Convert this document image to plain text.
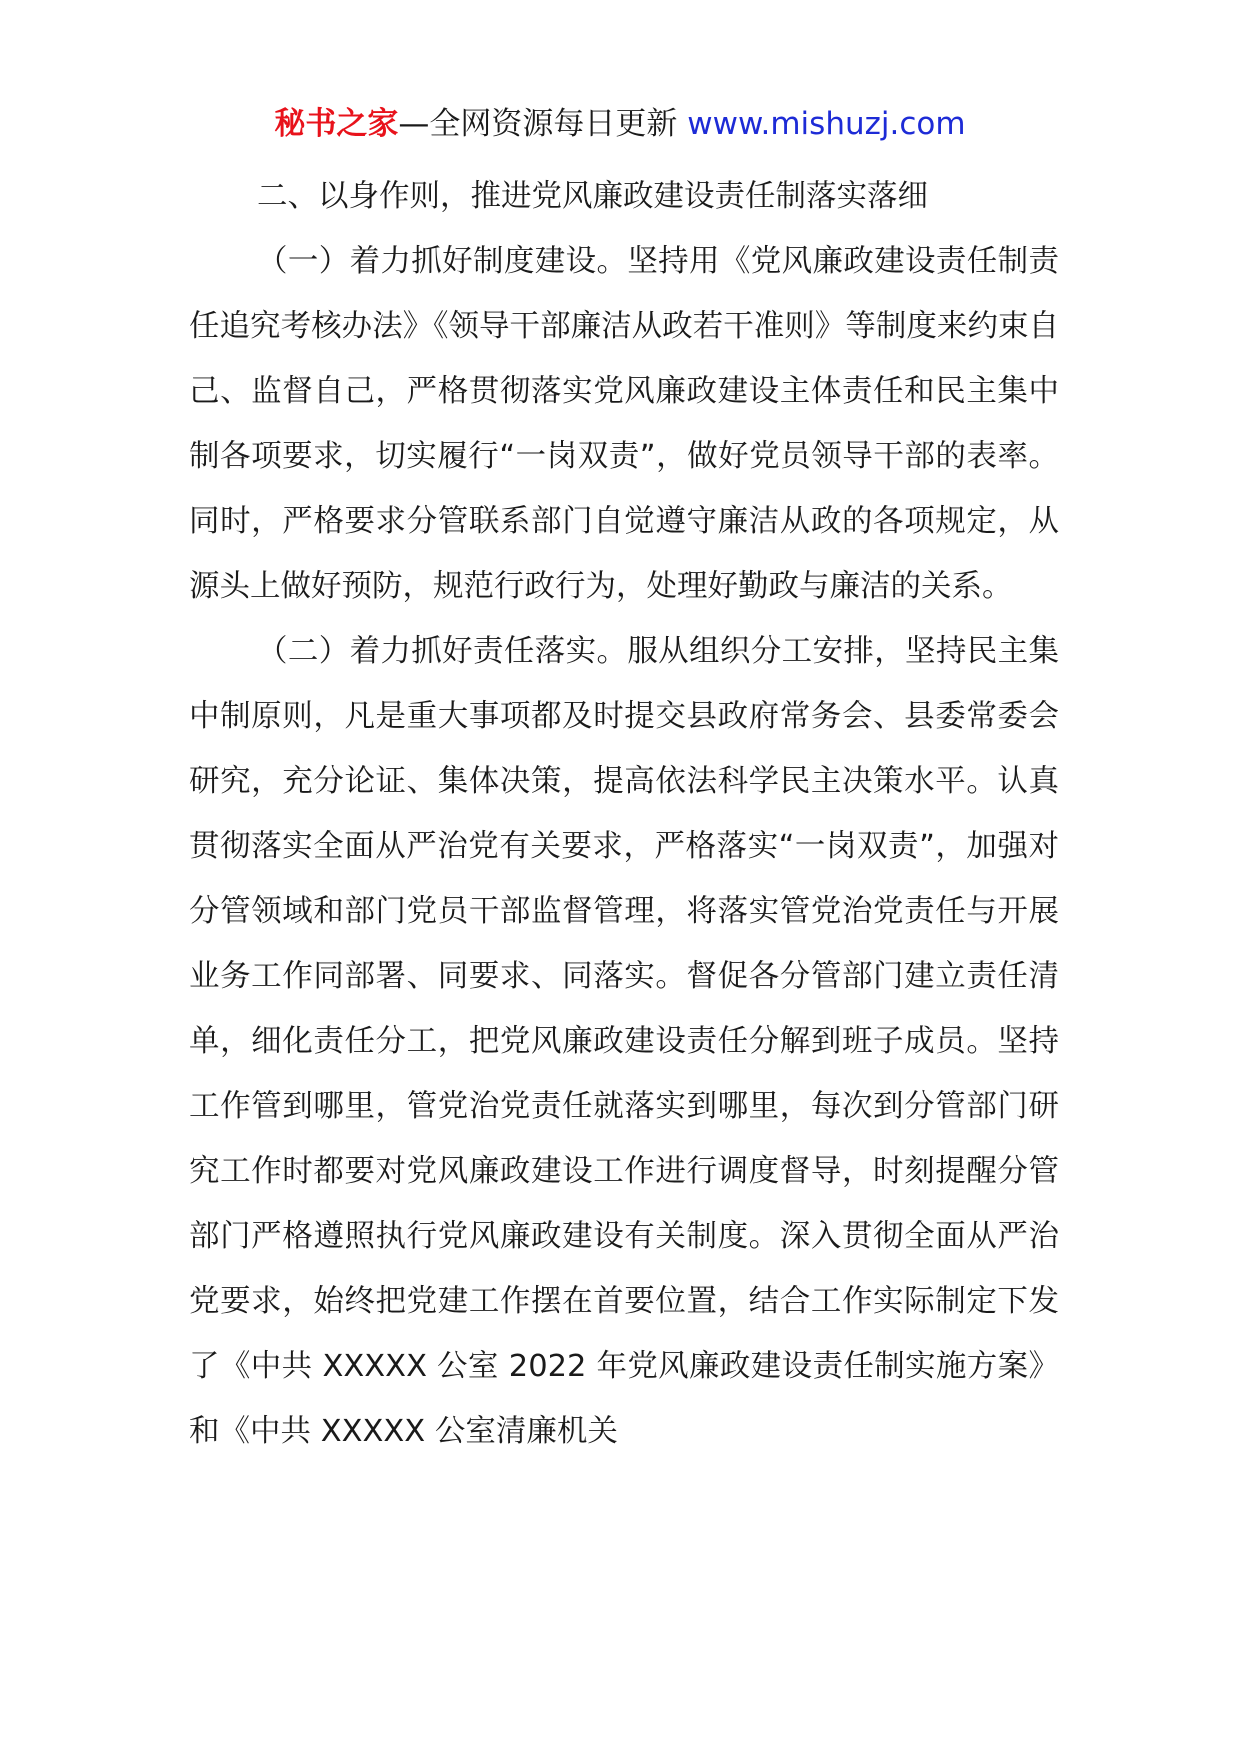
秘书之家—全网资源每日更新 www.mishuzj.com
二、以身作则，推进党风廉政建设责任制落实落细
（一）着力抓好制度建设。坚持用《党风廉政建设责任制责任追究考核办法》《领导干部廉洁从政若干准则》等制度来约束自己、监督自己，严格贯彻落实党风廉政建设主体责任和民主集中制各项要求，切实履行“一岗双责”，做好党员领导干部的表率。同时，严格要求分管联系部门自觉遵守廉洁从政的各项规定，从源头上做好预防，规范行政行为，处理好勤政与廉洁的关系。
（二）着力抓好责任落实。服从组织分工安排，坚持民主集中制原则，凡是重大事项都及时提交县政府常务会、县委常委会研究，充分论证、集体决策，提高依法科学民主决策水平。认真贯彻落实全面从严治党有关要求，严格落实“一岗双责”，加强对分管领域和部门党员干部监督管理，将落实管党治党责任与开展业务工作同部署、同要求、同落实。督促各分管部门建立责任清单，细化责任分工，把党风廉政建设责任分解到班子成员。坚持工作管到哪里，管党治党责任就落实到哪里，每次到分管部门研究工作时都要对党风廉政建设工作进行调度督导，时刻提醒分管部门严格遵照执行党风廉政建设有关制度。深入贯彻全面从严治党要求，始终把党建工作摆在首要位置，结合工作实际制定下发了《中共 XXXXX 公室 2022 年党风廉政建设责任制实施方案》和《中共 XXXXX 公室清廉机关
